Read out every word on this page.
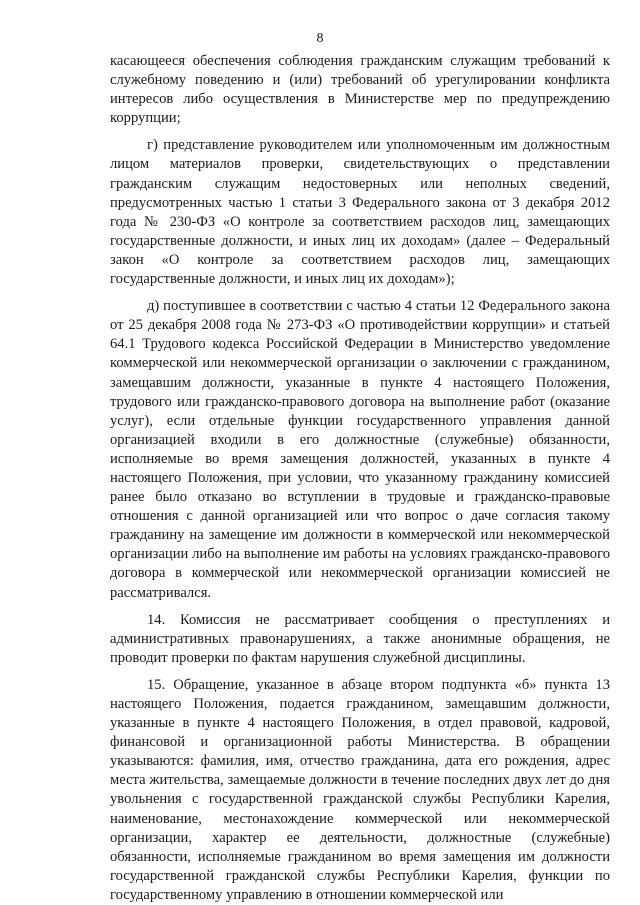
8

касающееся обеспечения соблюдения гражданским служащим требований к служебному поведению и (или) требований об урегулировании конфликта интересов либо осуществления в Министерстве мер по предупреждению коррупции;

г) представление руководителем или уполномоченным им должностным лицом материалов проверки, свидетельствующих о представлении гражданским служащим недостоверных или неполных сведений, предусмотренных частью 1 статьи 3 Федерального закона от 3 декабря 2012 года № 230-ФЗ «О контроле за соответствием расходов лиц, замещающих государственные должности, и иных лиц их доходам» (далее – Федеральный закон «О контроле за соответствием расходов лиц, замещающих государственные должности, и иных лиц их доходам»);

д) поступившее в соответствии с частью 4 статьи 12 Федерального закона от 25 декабря 2008 года № 273-ФЗ «О противодействии коррупции» и статьей 64.1 Трудового кодекса Российской Федерации в Министерство уведомление коммерческой или некоммерческой организации о заключении с гражданином, замещавшим должности, указанные в пункте 4 настоящего Положения, трудового или гражданско-правового договора на выполнение работ (оказание услуг), если отдельные функции государственного управления данной организацией входили в его должностные (служебные) обязанности, исполняемые во время замещения должностей, указанных в пункте 4 настоящего Положения, при условии, что указанному гражданину комиссией ранее было отказано во вступлении в трудовые и гражданско-правовые отношения с данной организацией или что вопрос о даче согласия такому гражданину на замещение им должности в коммерческой или некоммерческой организации либо на выполнение им работы на условиях гражданско-правового договора в коммерческой или некоммерческой организации комиссией не рассматривался.

14. Комиссия не рассматривает сообщения о преступлениях и административных правонарушениях, а также анонимные обращения, не проводит проверки по фактам нарушения служебной дисциплины.

15. Обращение, указанное в абзаце втором подпункта «б» пункта 13 настоящего Положения, подается гражданином, замещавшим должности, указанные в пункте 4 настоящего Положения, в отдел правовой, кадровой, финансовой и организационной работы Министерства. В обращении указываются: фамилия, имя, отчество гражданина, дата его рождения, адрес места жительства, замещаемые должности в течение последних двух лет до дня увольнения с государственной гражданской службы Республики Карелия, наименование, местонахождение коммерческой или некоммерческой организации, характер ее деятельности, должностные (служебные) обязанности, исполняемые гражданином во время замещения им должности государственной гражданской службы Республики Карелия, функции по государственному управлению в отношении коммерческой или
